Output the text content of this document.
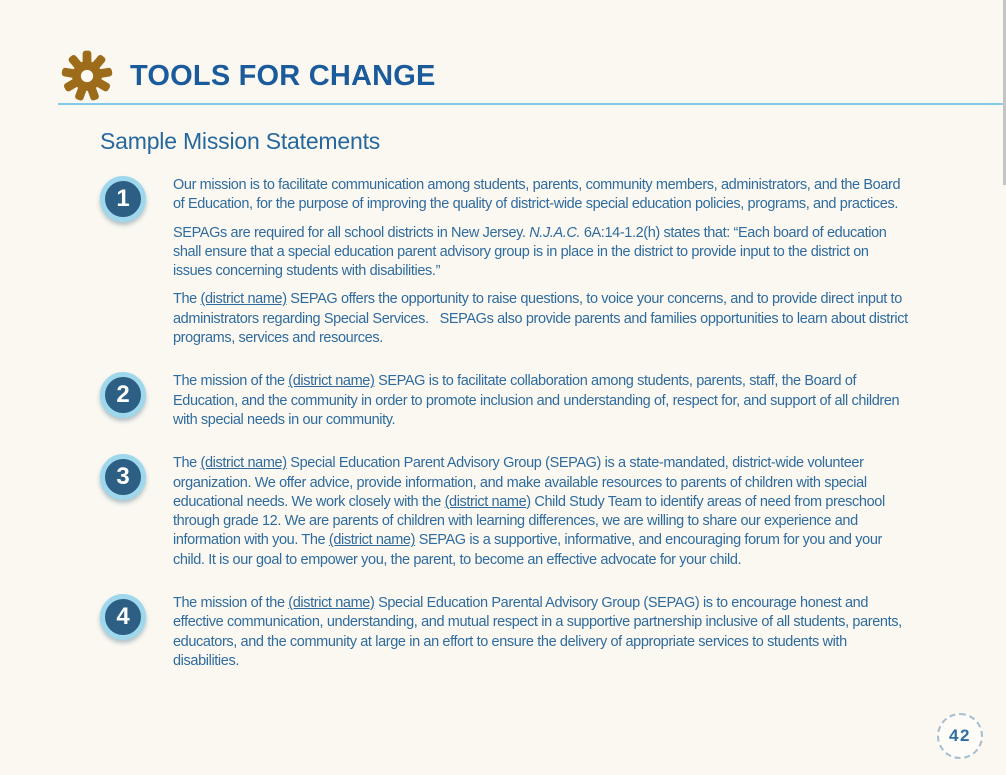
TOOLS FOR CHANGE
Sample Mission Statements
1	Our mission is to facilitate communication among students, parents, community members, administrators, and the Board of Education, for the purpose of improving the quality of district-wide special education policies, programs, and practices.

SEPAGs are required for all school districts in New Jersey. N.J.A.C. 6A:14-1.2(h) states that: “Each board of education shall ensure that a special education parent advisory group is in place in the district to provide input to the district on issues concerning students with disabilities.”

The (district name) SEPAG offers the opportunity to raise questions, to voice your concerns, and to provide direct input to administrators regarding Special Services.   SEPAGs also provide parents and families opportunities to learn about district programs, services and resources.

2	The mission of the (district name) SEPAG is to facilitate collaboration among students, parents, staff, the Board of Education, and the community in order to promote inclusion and understanding of, respect for, and support of all children with special needs in our community.

3	The (district name) Special Education Parent Advisory Group (SEPAG) is a state-mandated, district-wide volunteer organization. We offer advice, provide information, and make available resources to parents of children with special educational needs. We work closely with the (district name) Child Study Team to identify areas of need from preschool through grade 12. We are parents of children with learning differences, we are willing to share our experience and information with you. The (district name) SEPAG is a supportive, informative, and encouraging forum for you and your child. It is our goal to empower you, the parent, to become an effective advocate for your child.

4	The mission of the (district name) Special Education Parental Advisory Group (SEPAG) is to encourage honest and effective communication, understanding, and mutual respect in a supportive partnership inclusive of all students, parents, educators, and the community at large in an effort to ensure the delivery of appropriate services to students with disabilities.

42
